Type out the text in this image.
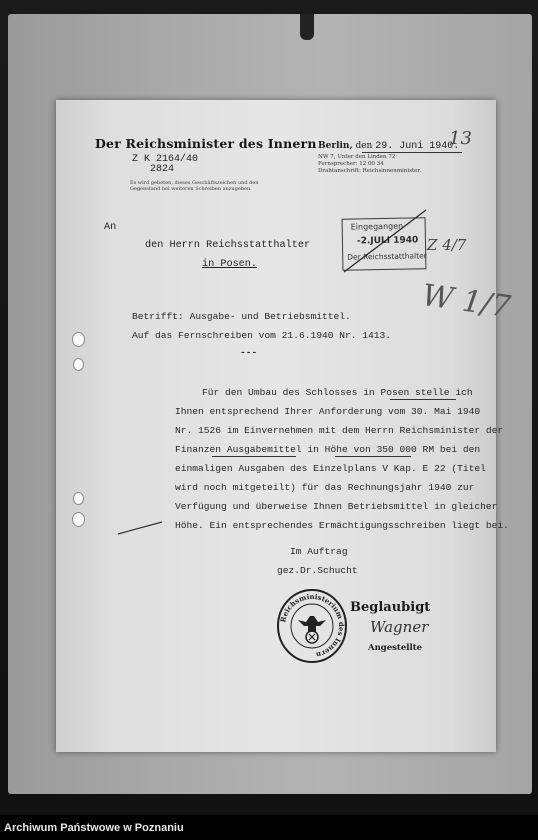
Der Reichsminister des Innern
Z K 2164/40
2824
Es wird gebeten, dieses Geschäftszeichen und den Gegenstand bei weiteren Schreiben anzugeben.
Berlin, den 29. Juni 1940.
13
NW 7, Unter den Linden 72
Fernsprecher: 12 00 34
Drahtanschrift: Reichsinnenminister.
An
den Herrn Reichsstatthalter
in Posen.
Eingegangen
-2.JULI 1940
Der Reichsstatthalter
Z 4/7
W 1/7
Betrifft: Ausgabe- und Betriebsmittel.
Auf das Fernschreiben vom 21.6.1940 Nr. 1413.
---
Für den Umbau des Schlosses in Posen stelle ich
Ihnen entsprechend Ihrer Anforderung vom 30. Mai 1940
Nr. 1526 im Einvernehmen mit dem Herrn Reichsminister der
Finanzen Ausgabemittel in Höhe von 350 000 RM bei den
einmaligen Ausgaben des Einzelplans V Kap. E 22 (Titel
wird noch mitgeteilt) für das Rechnungsjahr 1940 zur
Verfügung und überweise Ihnen Betriebsmittel in gleicher
Höhe. Ein entsprechendes Ermächtigungsschreiben liegt bei.
Im Auftrag
gez.Dr.Schucht
Reichsministerium des Innern
Beglaubigt
Wagner
Angestellte
Archiwum Państwowe w Poznaniu
